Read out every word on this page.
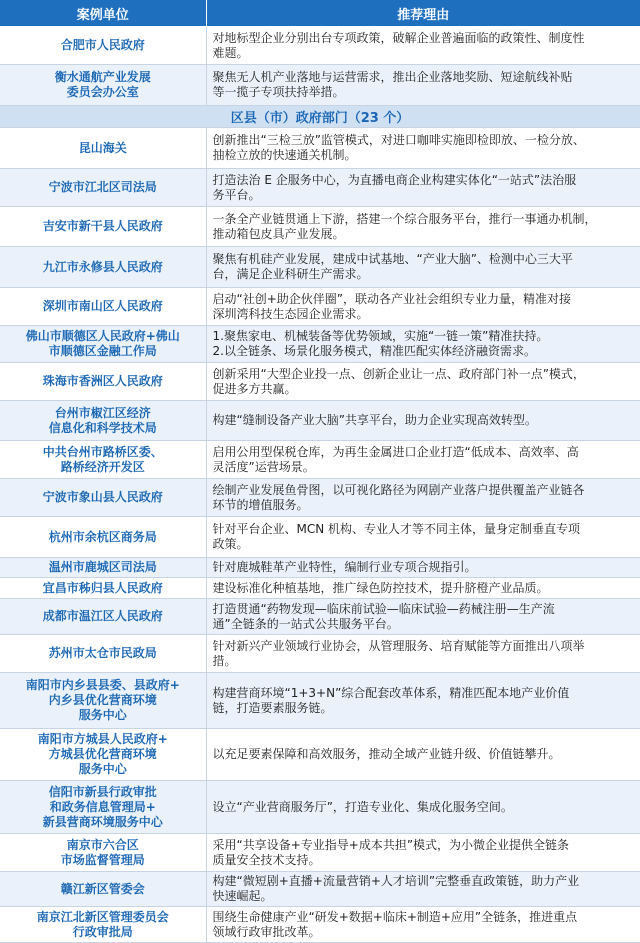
案例单位	推荐理由

合肥市人民政府	对地标型企业分别出台专项政策，破解企业普遍面临的政策性、制度性
难题。

衡水通航产业发展
委员会办公室	聚焦无人机产业落地与运营需求，推出企业落地奖励、短途航线补贴
等一揽子专项扶持举措。

区县（市）政府部门（23 个）	

昆山海关	创新推出“三检三放”监管模式，对进口咖啡实施即检即放、一检分放、
抽检立放的快速通关机制。

宁波市江北区司法局	打造法治 E 企服务中心，为直播电商企业构建实体化“一站式”法治服
务平台。

吉安市新干县人民政府	一条全产业链贯通上下游，搭建一个综合服务平台，推行一事通办机制，
推动箱包皮具产业发展。

九江市永修县人民政府	聚焦有机硅产业发展，建成中试基地、“产业大脑”、检测中心三大平
台，满足企业科研生产需求。

深圳市南山区人民政府	启动“社创+助企伙伴圈”，联动各产业社会组织专业力量，精准对接
深圳湾科技生态园企业需求。

佛山市顺德区人民政府+佛山
市顺德区金融工作局	1.聚焦家电、机械装备等优势领域，实施“一链一策”精准扶持。
2.以全链条、场景化服务模式，精准匹配实体经济融资需求。

珠海市香洲区人民政府	创新采用“大型企业投一点、创新企业让一点、政府部门补一点”模式，
促进多方共赢。

台州市椒江区经济
信息化和科学技术局	构建“缝制设备产业大脑”共享平台，助力企业实现高效转型。

中共台州市路桥区委、
路桥经济开发区	启用公用型保税仓库，为再生金属进口企业打造“低成本、高效率、高
灵活度”运营场景。

宁波市象山县人民政府	绘制产业发展鱼骨图，以可视化路径为网剧产业落户提供覆盖产业链各
环节的增值服务。

杭州市余杭区商务局	针对平台企业、MCN 机构、专业人才等不同主体，量身定制垂直专项
政策。

温州市鹿城区司法局	针对鹿城鞋革产业特性，编制行业专项合规指引。

宜昌市秭归县人民政府	建设标准化种植基地，推广绿色防控技术，提升脐橙产业品质。

成都市温江区人民政府	打造贯通“药物发现—临床前试验—临床试验—药械注册—生产流
通”全链条的一站式公共服务平台。

苏州市太仓市民政局	针对新兴产业领域行业协会，从管理服务、培育赋能等方面推出八项举
措。

南阳市内乡县县委、县政府+
内乡县优化营商环境
服务中心	构建营商环境“1+3+N”综合配套改革体系，精准匹配本地产业价值
链，打造要素服务链。

南阳市方城县人民政府+
方城县优化营商环境
服务中心	以充足要素保障和高效服务，推动全域产业链升级、价值链攀升。

信阳市新县行政审批
和政务信息管理局+
新县营商环境服务中心	设立“产业营商服务厅”，打造专业化、集成化服务空间。

南京市六合区
市场监督管理局	采用“共享设备+专业指导+成本共担”模式，为小微企业提供全链条
质量安全技术支持。

赣江新区管委会	构建“微短剧+直播+流量营销+人才培训”完整垂直政策链，助力产业
快速崛起。

南京江北新区管理委员会
行政审批局	围绕生命健康产业“研发+数据+临床+制造+应用”全链条，推进重点
领域行政审批改革。
